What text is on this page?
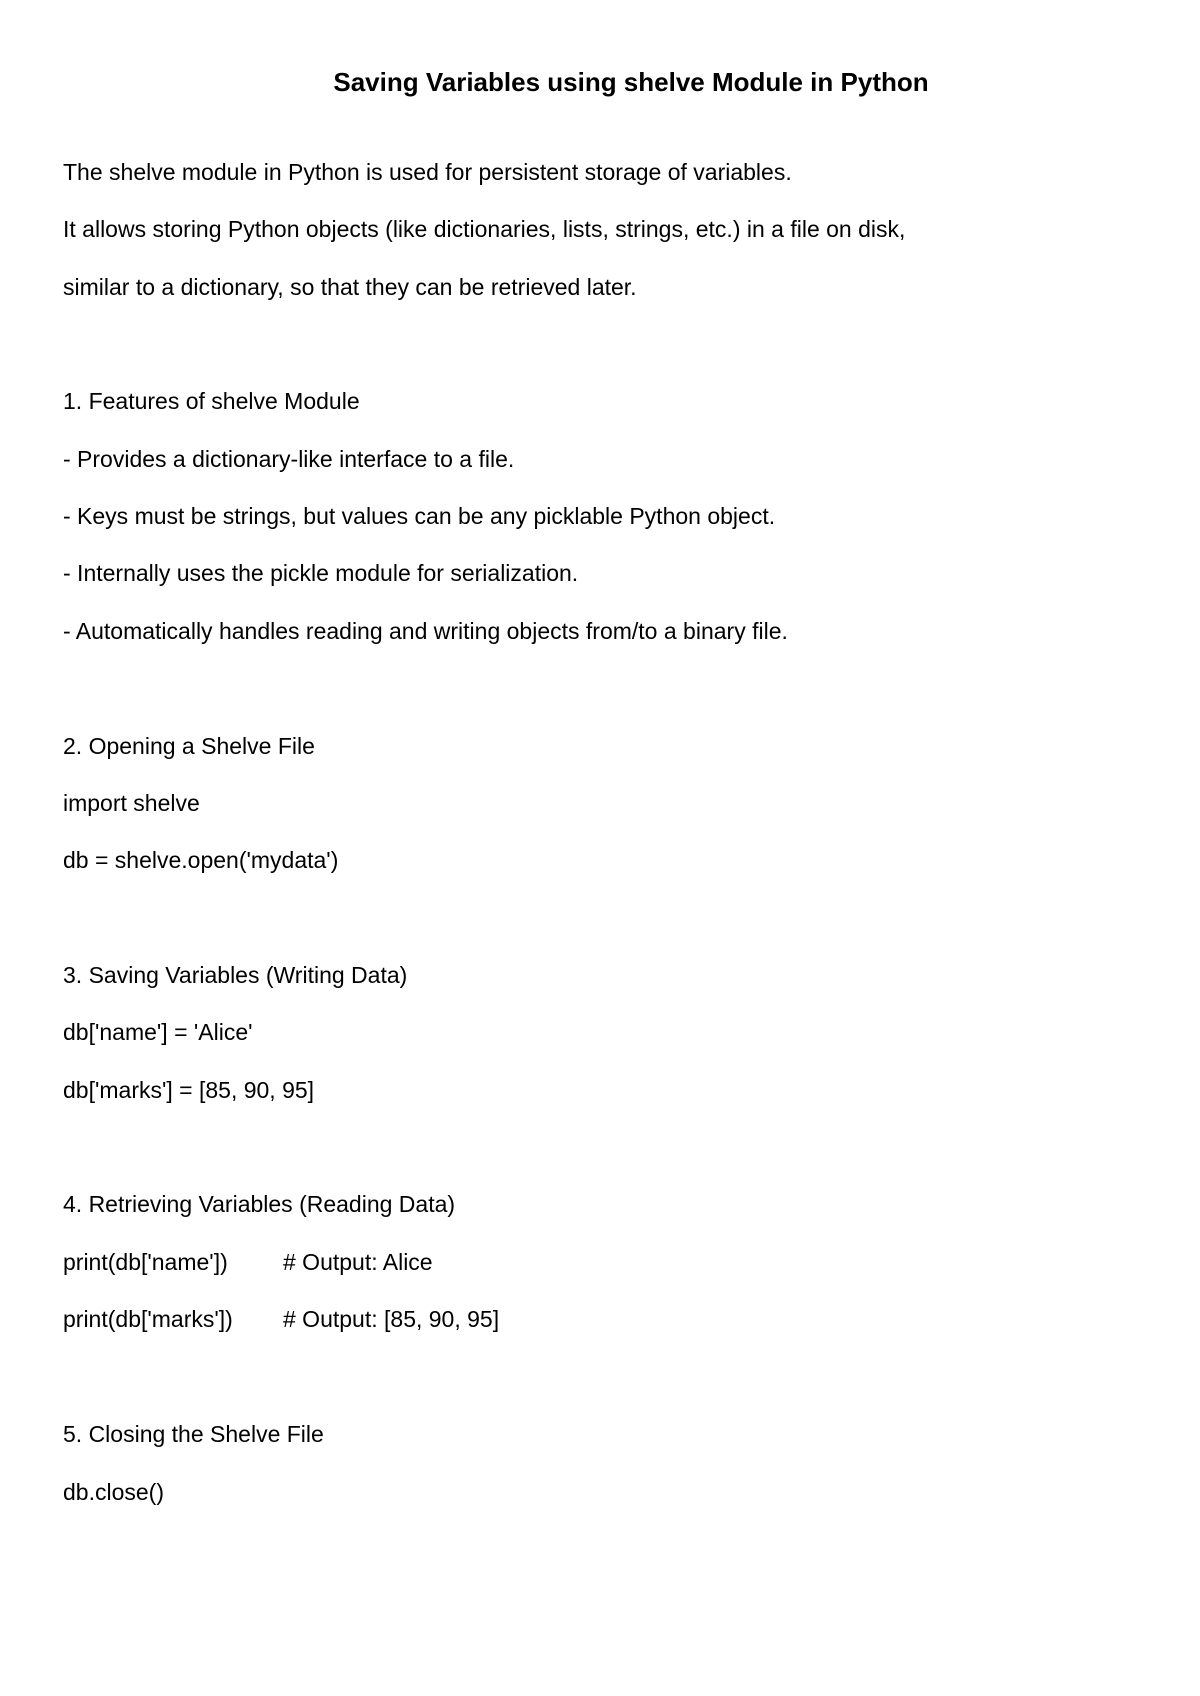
Saving Variables using shelve Module in Python
The shelve module in Python is used for persistent storage of variables.
It allows storing Python objects (like dictionaries, lists, strings, etc.) in a file on disk,
similar to a dictionary, so that they can be retrieved later.
1. Features of shelve Module
- Provides a dictionary-like interface to a file.
- Keys must be strings, but values can be any picklable Python object.
- Internally uses the pickle module for serialization.
- Automatically handles reading and writing objects from/to a binary file.
2. Opening a Shelve File
import shelve
db = shelve.open('mydata')
3. Saving Variables (Writing Data)
db['name'] = 'Alice'
db['marks'] = [85, 90, 95]
4. Retrieving Variables (Reading Data)
print(db['name']) # Output: Alice
print(db['marks']) # Output: [85, 90, 95]
5. Closing the Shelve File
db.close()
